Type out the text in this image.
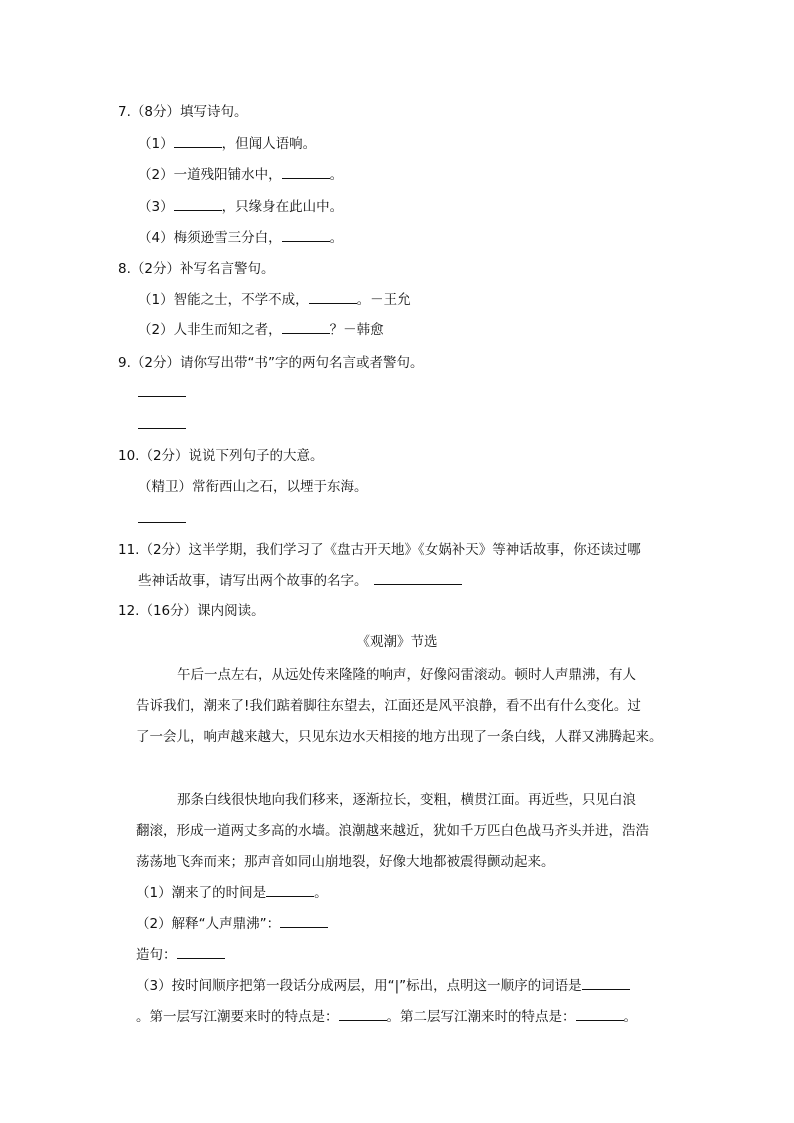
7.（8分）填写诗句。
（1）	，但闻人语响。
（2）一道残阳铺水中，	。
（3）	，只缘身在此山中。
（4）梅须逊雪三分白，	。
8.（2分）补写名言警句。
（1）智能之士，不学不成，	。－王允
（2）人非生而知之者，	？－韩愈
9.（2分）请你写出带“书”字的两句名言或者警句。
10.（2分）说说下列句子的大意。
（精卫）常衔西山之石，以堙于东海。
11.（2分）这半学期，我们学习了《盘古开天地》《女娲补天》等神话故事，你还读过哪
些神话故事，请写出两个故事的名字。
12.（16分）课内阅读。
《观潮》节选
午后一点左右，从远处传来隆隆的响声，好像闷雷滚动。顿时人声鼎沸，有人
告诉我们，潮来了!我们踮着脚往东望去，江面还是风平浪静，看不出有什么变化。过
了一会儿，响声越来越大，只见东边水天相接的地方出现了一条白线，人群又沸腾起来。
那条白线很快地向我们移来，逐渐拉长，变粗，横贯江面。再近些，只见白浪
翻滚，形成一道两丈多高的水墙。浪潮越来越近，犹如千万匹白色战马齐头并进，浩浩
荡荡地飞奔而来；那声音如同山崩地裂，好像大地都被震得颤动起来。
（1）潮来了的时间是	。
（2）解释“人声鼎沸”：
造句：
（3）按时间顺序把第一段话分成两层，用“|”标出，点明这一顺序的词语是
。第一层写江潮要来时的特点是：	。第二层写江潮来时的特点是：	。
